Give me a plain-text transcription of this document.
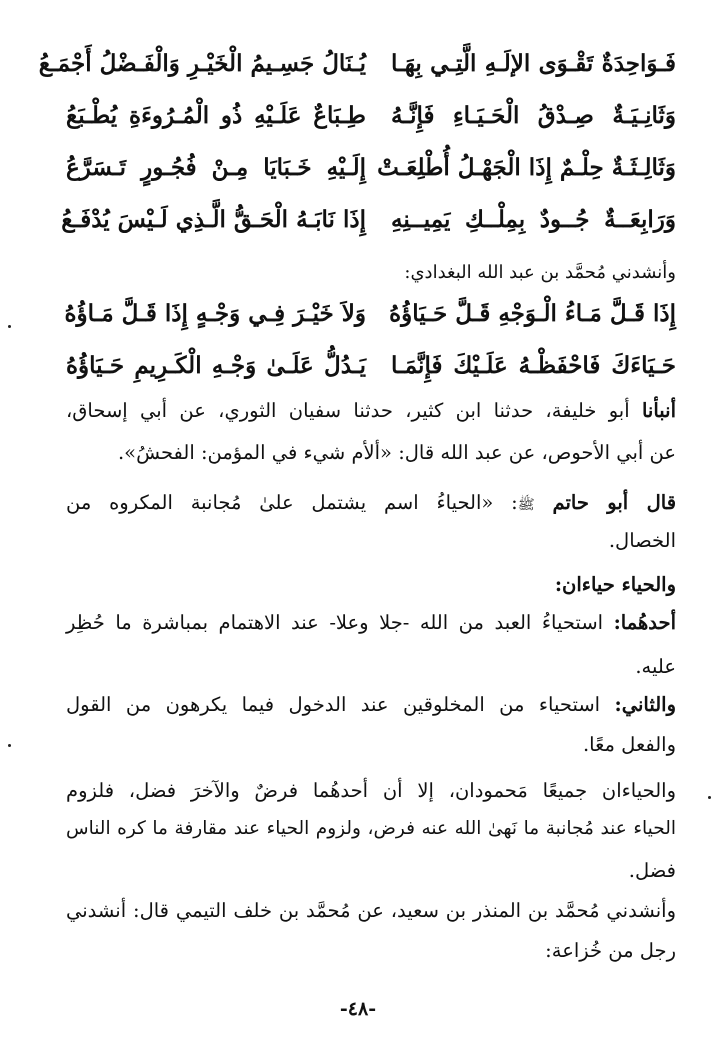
فَـوَاحِدَةٌ تَقْـوَى الإلَـهِ الَّتِـي بِهَـا
يُـنَالُ جَسِـيمُ الْخَيْـرِ وَالْفَـضْلُ أَجْمَـعُ
وَثَانِـيَـةٌ صِـدْقُ الْحَـيَـاءِ فَإِنَّـهُ
طِـبَاعٌ عَلَـيْهِ ذُو الْمُـرُوءَةِ يُطْـبَعُ
وَثَالِـثَـةٌ حِلْـمٌ إِذَا الْجَهْـلُ أُطْلِعَـتْ
إِلَـيْهِ خَـبَايَا مِـنْ فُجُـورٍ تَـسَرَّعُ
وَرَابِعَــةٌ جُــودٌ بِمِلْــكِ يَمِيــنِهِ
إِذَا نَابَـهُ الْحَـقُّ الَّـذِي لَـيْسَ يُدْفَـعُ
وأنشدني مُحمَّد بن عبد الله البغدادي:
إِذَا قَـلَّ مَـاءُ الْـوَجْهِ قَـلَّ حَـيَاؤُهُ
وَلاَ خَيْـرَ فِـي وَجْـهٍ إِذَا قَـلَّ مَـاؤُهُ
حَـيَاءَكَ فَاحْفَظْـهُ عَلَـيْكَ فَإِنَّمَـا
يَـدُلُّ عَلَـىٰ وَجْـهِ الْكَـرِيمِ حَـيَاؤُهُ
أنبأنا أبو خليفة، حدثنا ابن كثير، حدثنا سفيان الثوري، عن أبي إسحاق،
عن أبي الأحوص، عن عبد الله قال: «ألأم شيء في المؤمن: الفحشُ».
قال أبو حاتم ﷺ: «الحياءُ اسم يشتمل علىٰ مُجانبة المكروه من
الخصال.
والحياء حياءان:
أحدهُما: استحياءُ العبد من الله -جلا وعلا- عند الاهتمام بمباشرة ما حُظِر
عليه.
والثاني: استحياء من المخلوقين عند الدخول فيما يكرهون من القول
والفعل معًا.
والحياءان جميعًا مَحمودان، إلا أن أحدهُما فرضٌ والآخرَ فضل، فلزوم
الحياء عند مُجانبة ما نَهىٰ الله عنه فرض، ولزوم الحياء عند مقارفة ما كره الناس
فضل.
وأنشدني مُحمَّد بن المنذر بن سعيد، عن مُحمَّد بن خلف التيمي قال: أنشدني
رجل من خُزاعة:
-٤٨-
